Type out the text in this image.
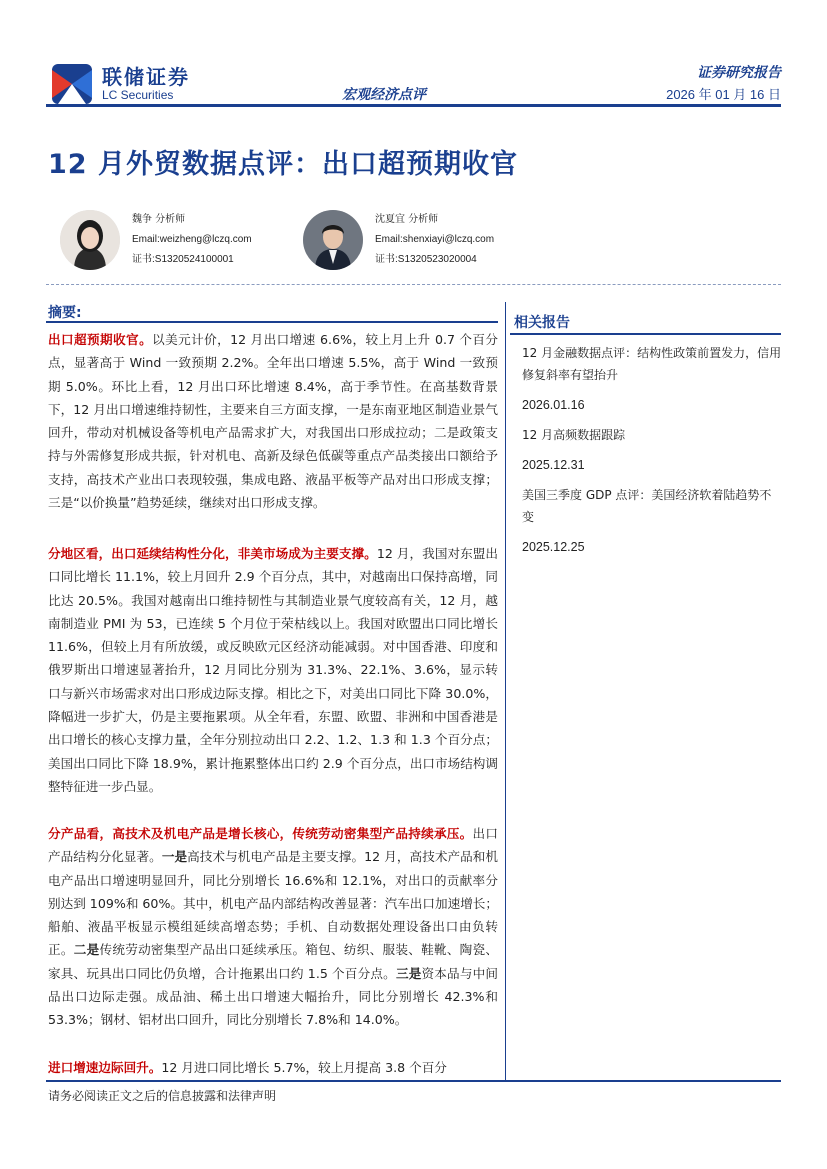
联储证券
LC Securities	宏观经济点评
证券研究报告
2026 年 01 月 16 日
12 月外贸数据点评：出口超预期收官
魏争 分析师
Email:weizheng@lczq.com
证书:S1320524100001
沈夏宜 分析师
Email:shenxiayi@lczq.com
证书:S1320523020004
摘要:

出口超预期收官。以美元计价，12 月出口增速 6.6%，较上月上升 0.7 个百分点，显著高于 Wind 一致预期 2.2%。全年出口增速 5.5%，高于 Wind 一致预期 5.0%。环比上看，12 月出口环比增速 8.4%，高于季节性。在高基数背景下，12 月出口增速维持韧性，主要来自三方面支撑，一是东南亚地区制造业景气回升，带动对机械设备等机电产品需求扩大，对我国出口形成拉动；二是政策支持与外需修复形成共振，针对机电、高新及绿色低碳等重点产品类接出口额给予支持，高技术产业出口表现较强，集成电路、液晶平板等产品对出口形成支撑；三是“以价换量”趋势延续，继续对出口形成支撑。

分地区看，出口延续结构性分化，非美市场成为主要支撑。12 月，我国对东盟出口同比增长 11.1%，较上月回升 2.9 个百分点，其中，对越南出口保持高增，同比达 20.5%。我国对越南出口维持韧性与其制造业景气度较高有关，12 月，越南制造业 PMI 为 53，已连续 5 个月位于荣枯线以上。我国对欧盟出口同比增长 11.6%，但较上月有所放缓，或反映欧元区经济动能减弱。对中国香港、印度和俄罗斯出口增速显著抬升，12 月同比分别为 31.3%、22.1%、3.6%，显示转口与新兴市场需求对出口形成边际支撑。相比之下，对美出口同比下降 30.0%，降幅进一步扩大，仍是主要拖累项。从全年看，东盟、欧盟、非洲和中国香港是出口增长的核心支撑力量，全年分别拉动出口 2.2、1.2、1.3 和 1.3 个百分点；美国出口同比下降 18.9%，累计拖累整体出口约 2.9 个百分点，出口市场结构调整特征进一步凸显。

分产品看，高技术及机电产品是增长核心，传统劳动密集型产品持续承压。出口产品结构分化显著。一是高技术与机电产品是主要支撑。12 月，高技术产品和机电产品出口增速明显回升，同比分别增长 16.6%和 12.1%，对出口的贡献率分别达到 109%和 60%。其中，机电产品内部结构改善显著：汽车出口加速增长；船舶、液晶平板显示模组延续高增态势；手机、自动数据处理设备出口由负转正。二是传统劳动密集型产品出口延续承压。箱包、纺织、服装、鞋靴、陶瓷、家具、玩具出口同比仍负增，合计拖累出口约 1.5 个百分点。三是资本品与中间品出口边际走强。成品油、稀土出口增速大幅抬升，同比分别增长 42.3%和 53.3%；钢材、铝材出口回升，同比分别增长 7.8%和 14.0%。

进口增速边际回升。12 月进口同比增长 5.7%，较上月提高 3.8 个百分

相关报告
12 月金融数据点评：结构性政策前置发力，信用修复斜率有望抬升
2026.01.16
12 月高频数据跟踪
2025.12.31
美国三季度 GDP 点评：美国经济软着陆趋势不变
2025.12.25
请务必阅读正文之后的信息披露和法律声明
